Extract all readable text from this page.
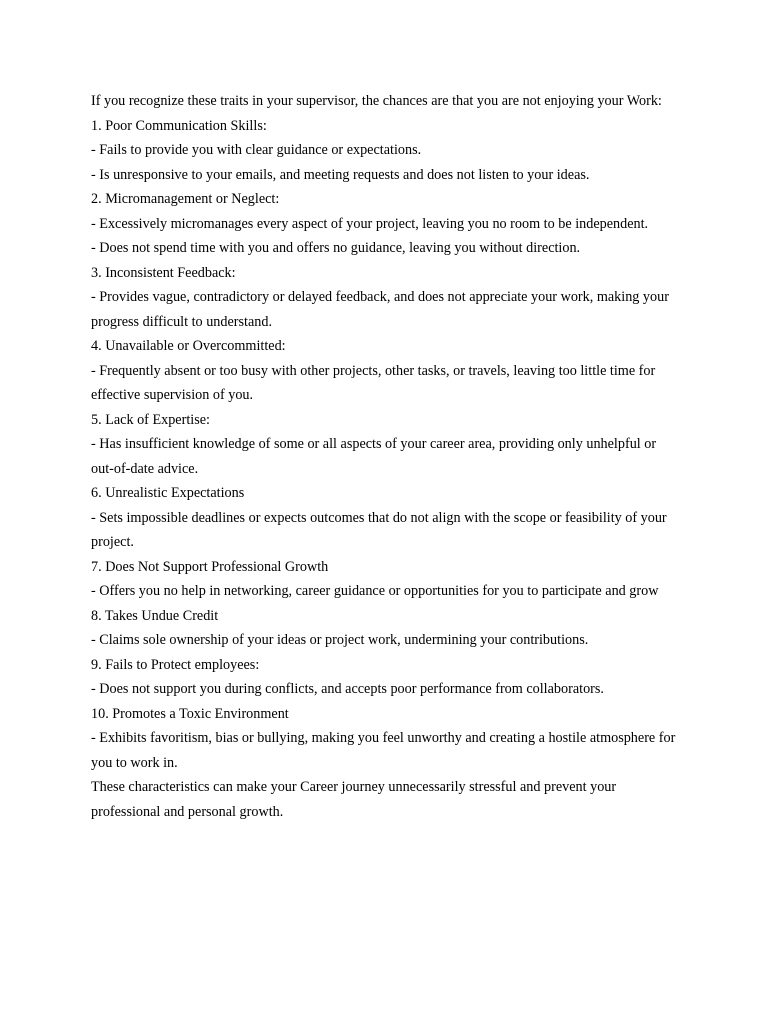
If you recognize these traits in your supervisor, the chances are that you are not enjoying your Work:

1. Poor Communication Skills:

- Fails to provide you with clear guidance or expectations.

- Is unresponsive to your emails, and meeting requests and does not listen to your ideas.

2. Micromanagement or Neglect:

- Excessively micromanages every aspect of your project, leaving you no room to be independent.

- Does not spend time with you and offers no guidance, leaving you without direction.

3. Inconsistent Feedback:

- Provides vague, contradictory or delayed feedback, and does not appreciate your work, making your progress difficult to understand.

4. Unavailable or Overcommitted:

- Frequently absent or too busy with other projects, other tasks, or travels, leaving too little time for effective supervision of you.

5. Lack of Expertise:

- Has insufficient knowledge of some or all aspects of your career area, providing only unhelpful or out-of-date advice.

6. Unrealistic Expectations

- Sets impossible deadlines or expects outcomes that do not align with the scope or feasibility of your project.

7. Does Not Support Professional Growth

- Offers you no help in networking, career guidance or opportunities for you to participate and grow

8. Takes Undue Credit

- Claims sole ownership of your ideas or project work, undermining your contributions.

9. Fails to Protect employees:

- Does not support you during conflicts, and accepts poor performance from collaborators.

10. Promotes a Toxic Environment

- Exhibits favoritism, bias or bullying, making you feel unworthy and creating a hostile atmosphere for you to work in.

These characteristics can make your Career journey unnecessarily stressful and prevent your professional and personal growth.
